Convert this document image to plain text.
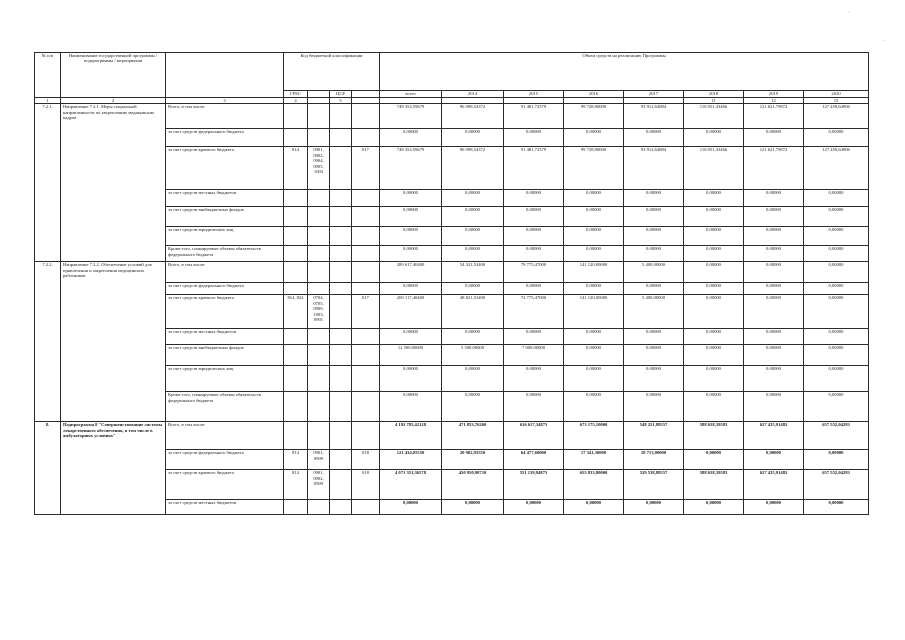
№ п/п	Наименование государственной программы / подпрограммы / мероприятия		Код бюджетной классификации				Объем средств на реализацию Программы							
			ГРБС		ЦСР		всего	2014	2015	2016	2017	2018	2019	2020
1	2	3	4		5							11	12	13
7.2.1.	Направление 7.2.1. Меры социальной направленности по закреплению медицинских кадров	Всего, в том числе:					748 354,59679	96 098,54372	91 481,72579	99 728,90000	93 912,64884	116 051,33466	121 621,79872	127 459,64906
		за счет средств федерального бюджета					0,00000	0,00000	0,00000	0,00000	0,00000	0,00000	0,00000	0,00000
		за счет средств краевого бюджета	814	0901, 0902, 0904, 0905, 1003		017	748 354,59679	96 098,54372	91 481,72579	99 728,90000	93 912,64884	116 051,33466	121 621,79872	127 459,64906
		за счет средств местных бюджетов					0,00000	0,00000	0,00000	0,00000	0,00000	0,00000	0,00000	0,00000
		за счет средств внебюджетных фондов					0,00000	0,00000	0,00000	0,00000	0,00000	0,00000	0,00000	0,00000
		за счет средств юридических лиц					0,00000	0,00000	0,00000	0,00000	0,00000	0,00000	0,00000	0,00000
		Кроме того, планируемые объемы обязательств федерального бюджета					0,00000	0,00000	0,00000	0,00000	0,00000	0,00000	0,00000	0,00000
7.2.2.	Направление 7.2.2. Обеспечение условий для привлечения и закрепления медицинских работников	Всего, в том числе:					289 617,40400	54 321,53400	79 775,47000	141 120,00000	5 400,00000	0,00000	0,00000	0,00000
		за счет средств федерального бюджета					0,00000	0,00000	0,00000	0,00000	0,00000	0,00000	0,00000	0,00000
		за счет средств краевого бюджета	814, 822	0704, 0705, 0909, 1003, 0901		017	269 117,40400	48 821,53400	72 775,47000	141 120,00000	5 400,00000	0,00000	0,00000	0,00000
		за счет средств местных бюджетов					0,00000	0,00000	0,00000	0,00000	0,00000	0,00000	0,00000	0,00000
		за счет средств внебюджетных фондов					12 500,00000	5 500,00000	7 000,00000	0,00000	0,00000	0,00000	0,00000	0,00000
		за счет средств юридических лиц					0,00000	0,00000	0,00000	0,00000	0,00000	0,00000	0,00000	0,00000
		Кроме того, планируемые объемы обязательств федерального бюджета					0,00000	0,00000	0,00000	0,00000	0,00000	0,00000	0,00000	0,00000
8.	Подпрограмма 8 "Совершенствование системы лекарственного обеспечения, в том числе в амбулаторных условиях"	Всего, в том числе:					4 192 785,42128	471 853,76260	616 617,34873	673 175,10000	548 251,88557	588 658,39583	627 435,91482	657 552,04293
		за счет средств федерального бюджета	814	0901, 0909		018	121 434,05550	20 902,95550	64 477,60000	17 341,30000	18 713,00000	0,00000	0,00000	0,00000
		за счет средств краевого бюджета	814	0901, 0902, 0909		018	4 071 351,36578	450 950,90710	551 139,94873	655 833,80000	529 538,88557	588 658,39583	627 435,91482	657 552,04293
		за счет средств местных бюджетов					0,00000	0,00000	0,00000	0,00000	0,00000	0,00000	0,00000	0,00000
·
·
